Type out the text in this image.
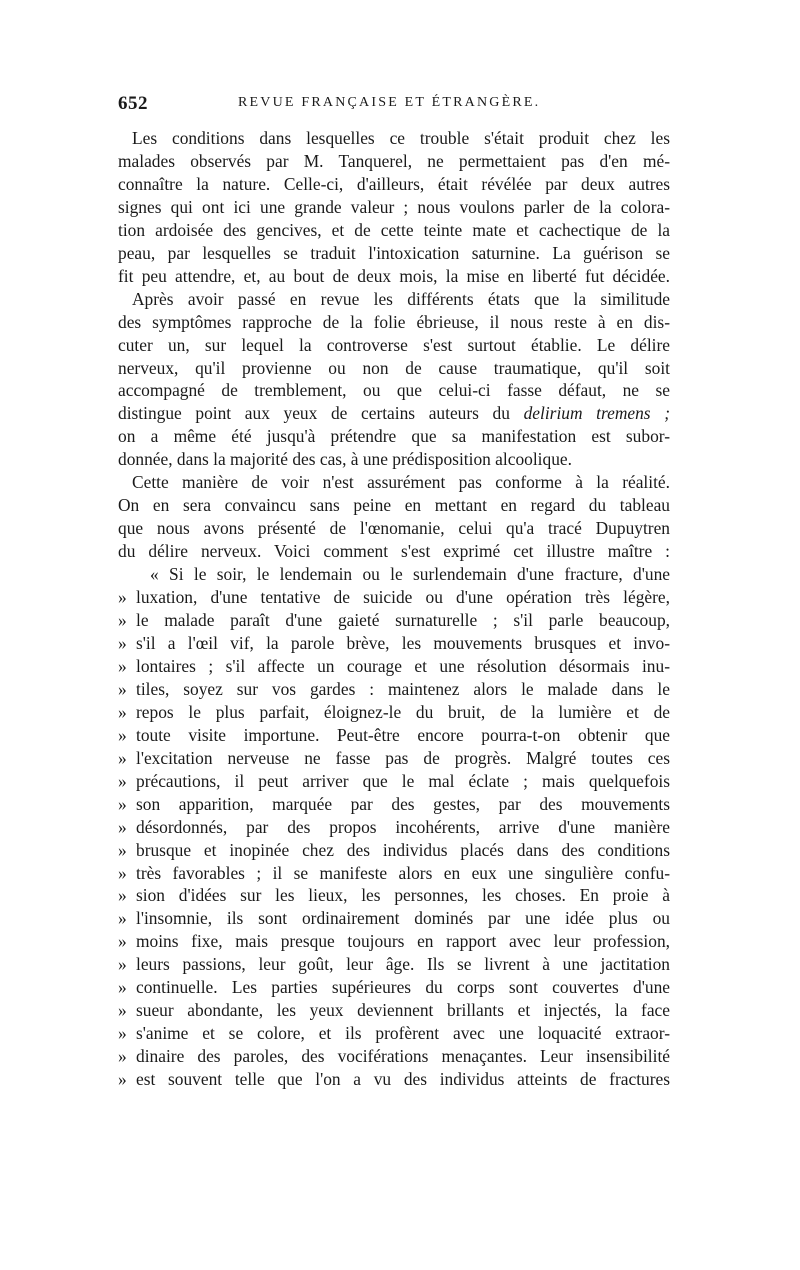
652	REVUE FRANÇAISE ET ÉTRANGÈRE.
Les conditions dans lesquelles ce trouble s'était produit chez les
malades observés par M. Tanquerel, ne permettaient pas d'en mé-
connaître la nature. Celle-ci, d'ailleurs, était révélée par deux autres
signes qui ont ici une grande valeur ; nous voulons parler de la colora-
tion ardoisée des gencives, et de cette teinte mate et cachectique de la
peau, par lesquelles se traduit l'intoxication saturnine. La guérison se
fit peu attendre, et, au bout de deux mois, la mise en liberté fut décidée.
Après avoir passé en revue les différents états que la similitude
des symptômes rapproche de la folie ébrieuse, il nous reste à en dis-
cuter un, sur lequel la controverse s'est surtout établie. Le délire
nerveux, qu'il provienne ou non de cause traumatique, qu'il soit
accompagné de tremblement, ou que celui-ci fasse défaut, ne se
distingue point aux yeux de certains auteurs du delirium tremens ;
on a même été jusqu'à prétendre que sa manifestation est subor-
donnée, dans la majorité des cas, à une prédisposition alcoolique.
Cette manière de voir n'est assurément pas conforme à la réalité.
On en sera convaincu sans peine en mettant en regard du tableau
que nous avons présenté de l'œnomanie, celui qu'a tracé Dupuytren
du délire nerveux. Voici comment s'est exprimé cet illustre maître :
« Si le soir, le lendemain ou le surlendemain d'une fracture, d'une
» luxation, d'une tentative de suicide ou d'une opération très légère,
» le malade paraît d'une gaieté surnaturelle ; s'il parle beaucoup,
» s'il a l'œil vif, la parole brève, les mouvements brusques et invo-
» lontaires ; s'il affecte un courage et une résolution désormais inu-
» tiles, soyez sur vos gardes : maintenez alors le malade dans le
» repos le plus parfait, éloignez-le du bruit, de la lumière et de
» toute visite importune. Peut-être encore pourra-t-on obtenir que
» l'excitation nerveuse ne fasse pas de progrès. Malgré toutes ces
» précautions, il peut arriver que le mal éclate ; mais quelquefois
» son apparition, marquée par des gestes, par des mouvements
» désordonnés, par des propos incohérents, arrive d'une manière
» brusque et inopinée chez des individus placés dans des conditions
» très favorables ; il se manifeste alors en eux une singulière confu-
» sion d'idées sur les lieux, les personnes, les choses. En proie à
» l'insomnie, ils sont ordinairement dominés par une idée plus ou
» moins fixe, mais presque toujours en rapport avec leur profession,
» leurs passions, leur goût, leur âge. Ils se livrent à une jactitation
» continuelle. Les parties supérieures du corps sont couvertes d'une
» sueur abondante, les yeux deviennent brillants et injectés, la face
» s'anime et se colore, et ils profèrent avec une loquacité extraor-
» dinaire des paroles, des vociférations menaçantes. Leur insensibilité
» est souvent telle que l'on a vu des individus atteints de fractures
